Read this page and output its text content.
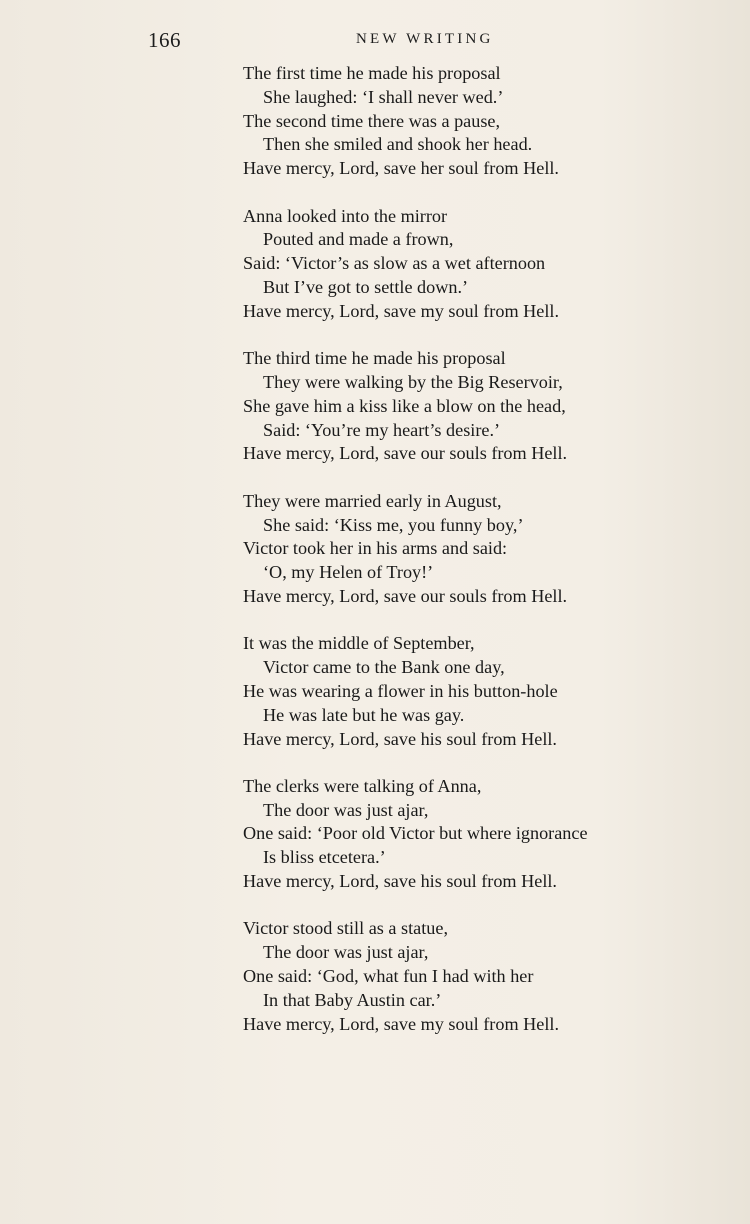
166	NEW WRITING
The first time he made his proposal
She laughed: ‘I shall never wed.’
The second time there was a pause,
Then she smiled and shook her head.
Have mercy, Lord, save her soul from Hell.
Anna looked into the mirror
Pouted and made a frown,
Said: ‘Victor’s as slow as a wet afternoon
But I’ve got to settle down.’
Have mercy, Lord, save my soul from Hell.
The third time he made his proposal
They were walking by the Big Reservoir,
She gave him a kiss like a blow on the head,
Said: ‘You’re my heart’s desire.’
Have mercy, Lord, save our souls from Hell.
They were married early in August,
She said: ‘Kiss me, you funny boy,’
Victor took her in his arms and said:
‘O, my Helen of Troy!’
Have mercy, Lord, save our souls from Hell.
It was the middle of September,
Victor came to the Bank one day,
He was wearing a flower in his button-hole
He was late but he was gay.
Have mercy, Lord, save his soul from Hell.
The clerks were talking of Anna,
The door was just ajar,
One said: ‘Poor old Victor but where ignorance
Is bliss etcetera.’
Have mercy, Lord, save his soul from Hell.
Victor stood still as a statue,
The door was just ajar,
One said: ‘God, what fun I had with her
In that Baby Austin car.’
Have mercy, Lord, save my soul from Hell.
